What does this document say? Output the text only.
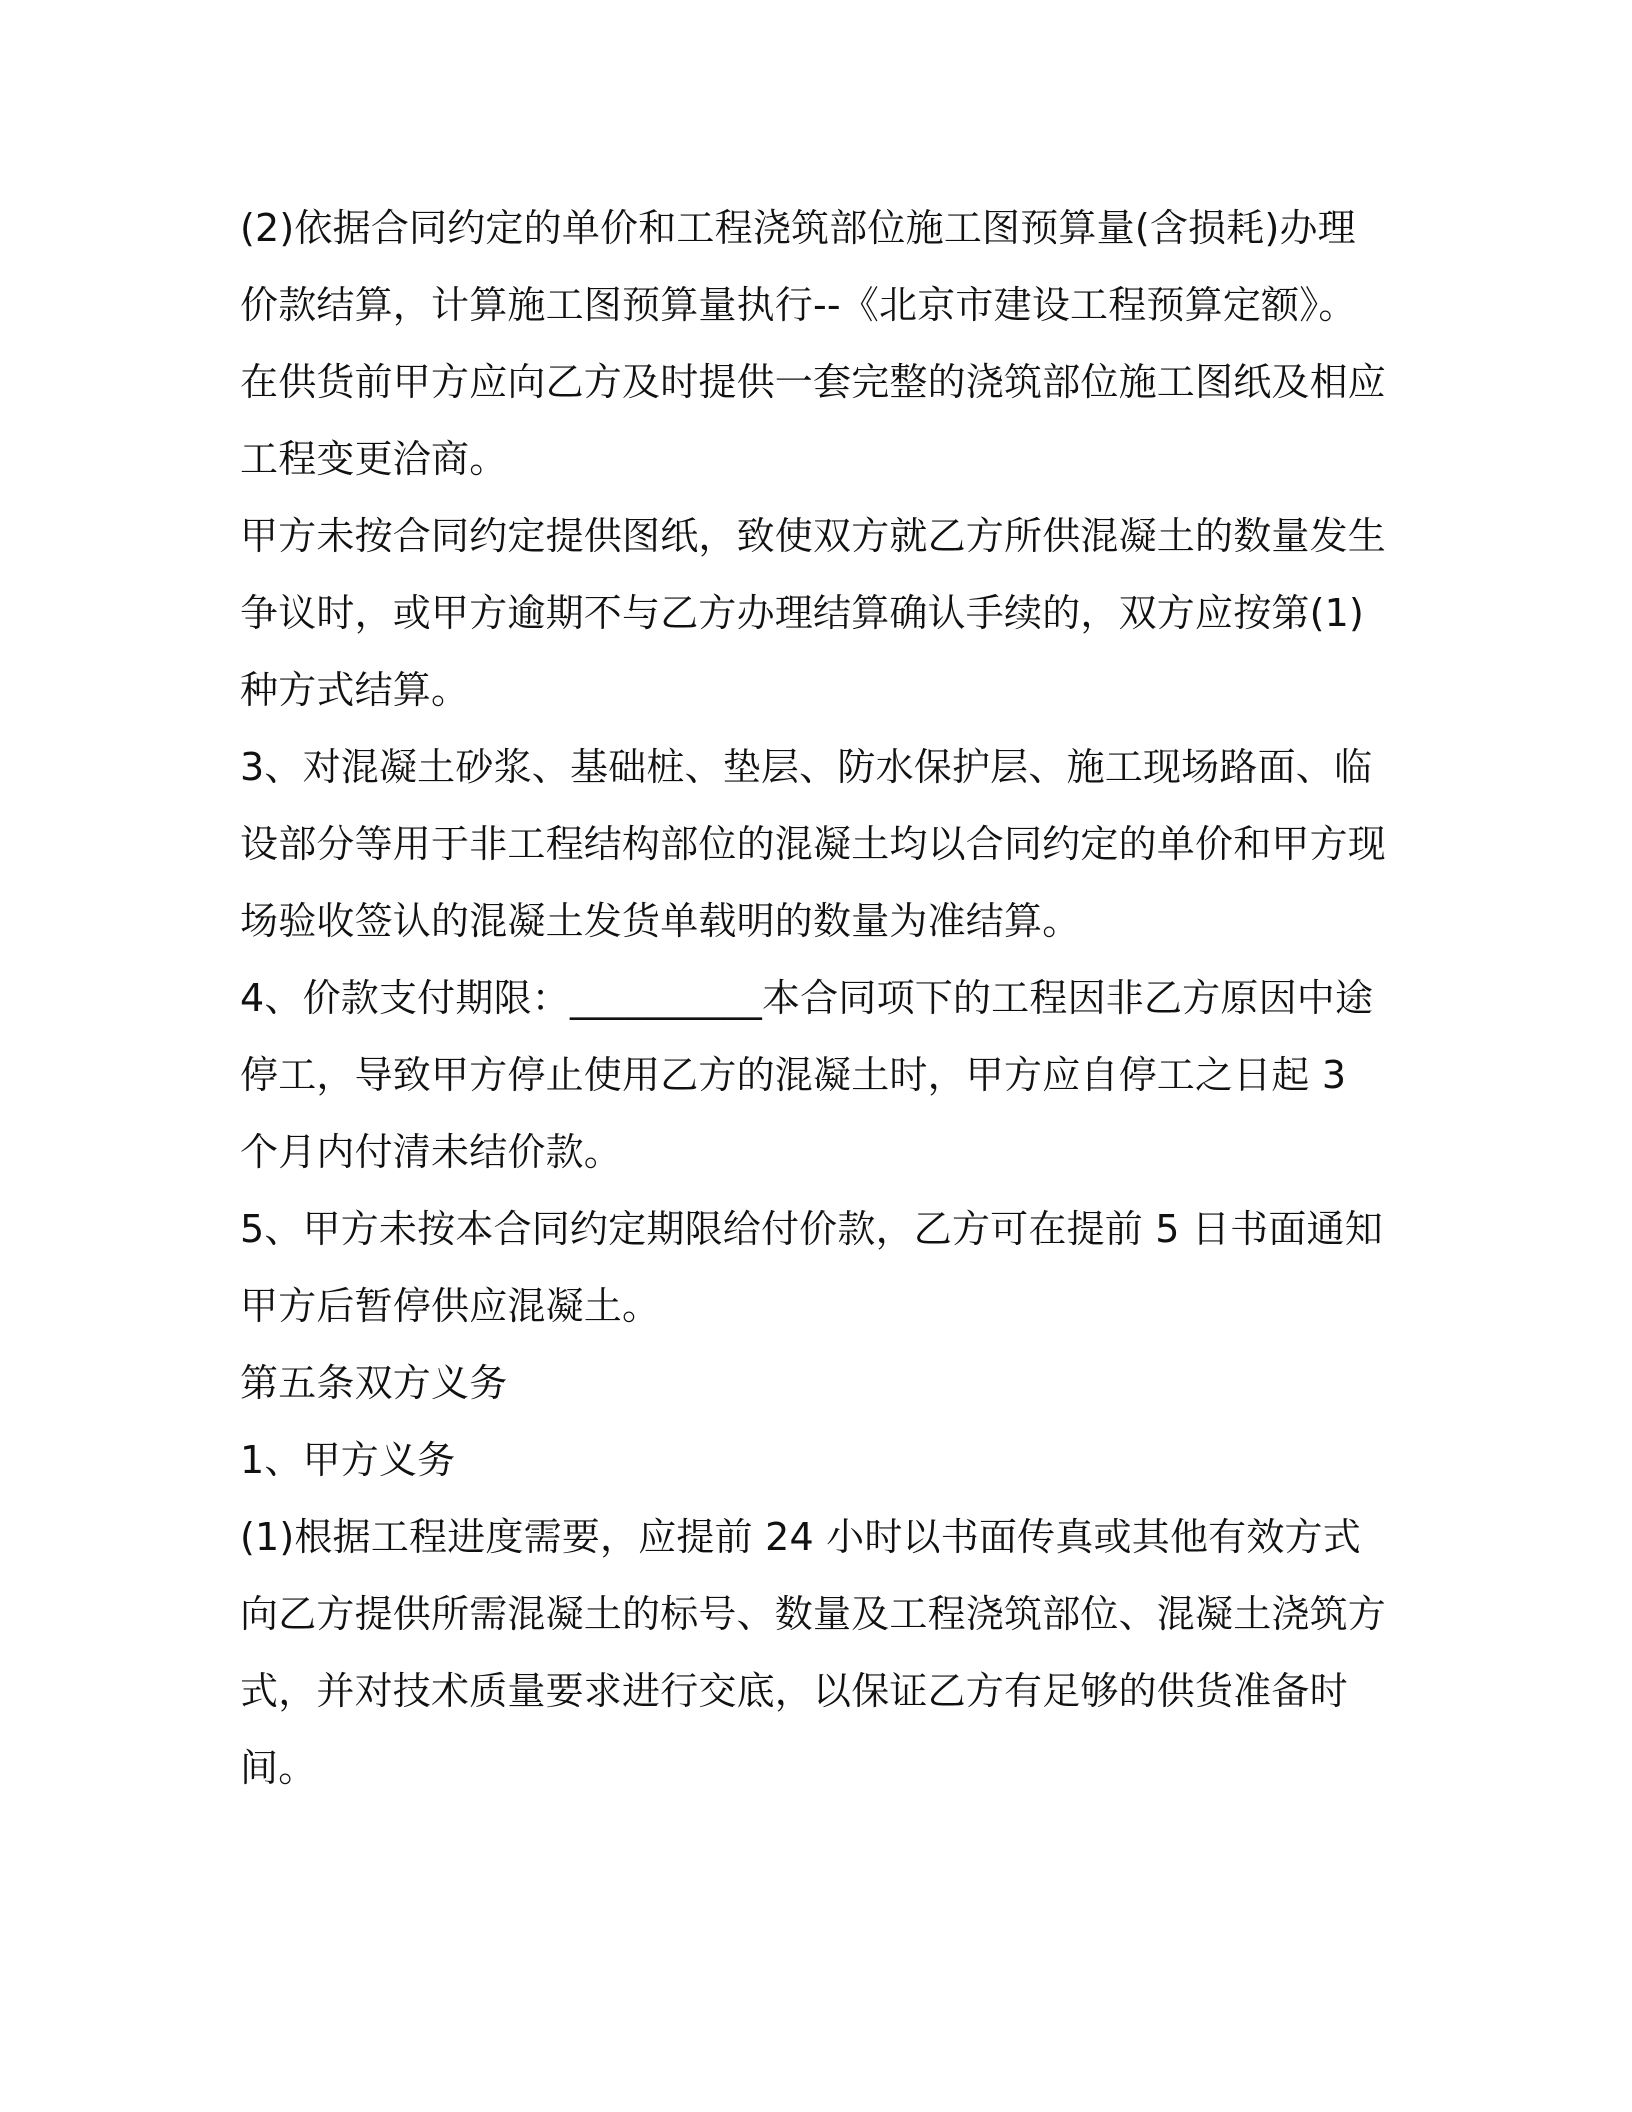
(2)依据合同约定的单价和工程浇筑部位施工图预算量(含损耗)办理价款结算，计算施工图预算量执行--《北京市建设工程预算定额》。

在供货前甲方应向乙方及时提供一套完整的浇筑部位施工图纸及相应工程变更洽商。

甲方未按合同约定提供图纸，致使双方就乙方所供混凝土的数量发生争议时，或甲方逾期不与乙方办理结算确认手续的，双方应按第(1)种方式结算。

3、对混凝土砂浆、基础桩、垫层、防水保护层、施工现场路面、临设部分等用于非工程结构部位的混凝土均以合同约定的单价和甲方现场验收签认的混凝土发货单载明的数量为准结算。

4、价款支付期限：__________本合同项下的工程因非乙方原因中途停工，导致甲方停止使用乙方的混凝土时，甲方应自停工之日起 3 个月内付清未结价款。

5、甲方未按本合同约定期限给付价款，乙方可在提前 5 日书面通知甲方后暂停供应混凝土。

第五条双方义务

1、甲方义务

(1)根据工程进度需要，应提前 24 小时以书面传真或其他有效方式向乙方提供所需混凝土的标号、数量及工程浇筑部位、混凝土浇筑方式，并对技术质量要求进行交底，以保证乙方有足够的供货准备时间。
